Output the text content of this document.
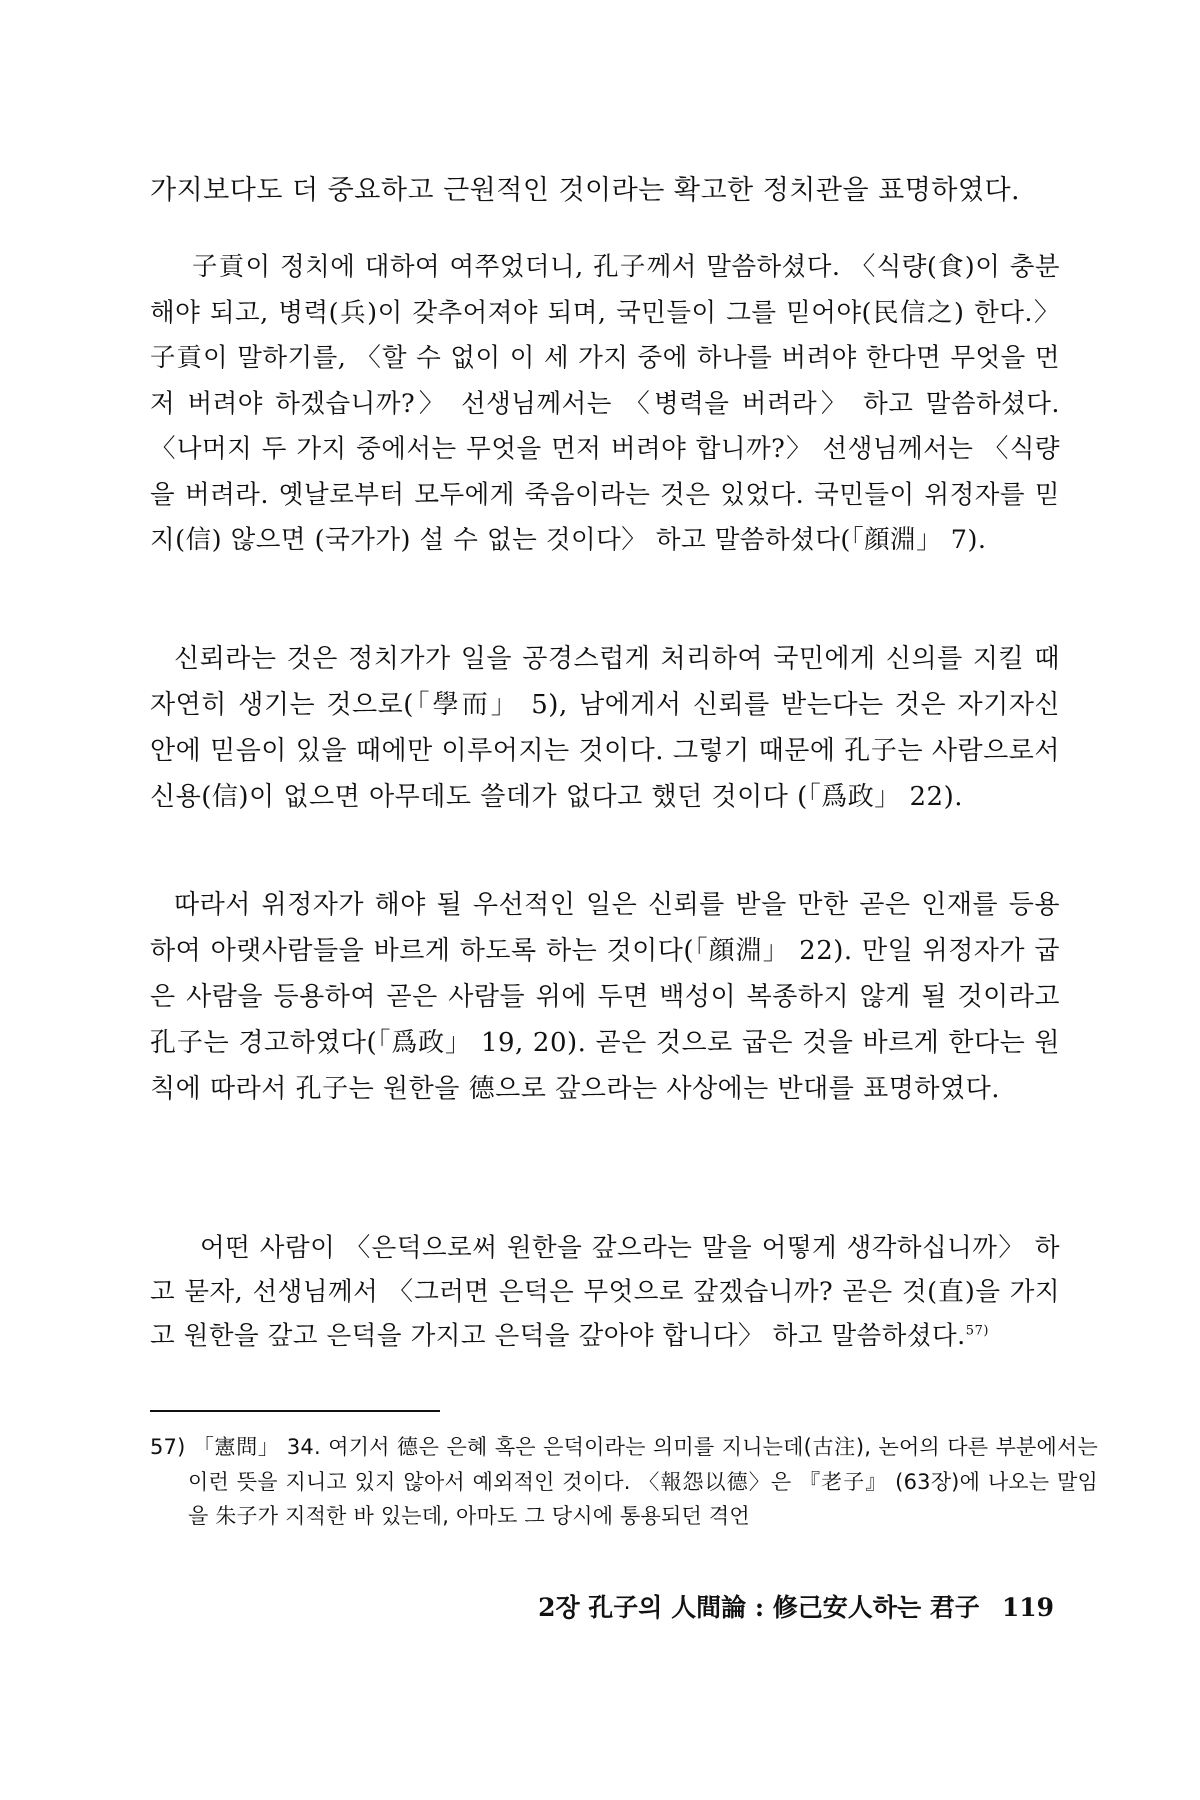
가지보다도 더 중요하고 근원적인 것이라는 확고한 정치관을 표명하였다.

子貢이 정치에 대하여 여쭈었더니, 孔子께서 말씀하셨다. 〈식량(食)이 충분해야 되고, 병력(兵)이 갖추어져야 되며, 국민들이 그를 믿어야(民信之) 한다.〉 子貢이 말하기를, 〈할 수 없이 이 세 가지 중에 하나를 버려야 한다면 무엇을 먼저 버려야 하겠습니까?〉 선생님께서는 〈병력을 버려라〉 하고 말씀하셨다. 〈나머지 두 가지 중에서는 무엇을 먼저 버려야 합니까?〉 선생님께서는 〈식량을 버려라. 옛날로부터 모두에게 죽음이라는 것은 있었다. 국민들이 위정자를 믿지(信) 않으면 (국가가) 설 수 없는 것이다〉 하고 말씀하셨다(「顔淵」 7).

신뢰라는 것은 정치가가 일을 공경스럽게 처리하여 국민에게 신의를 지킬 때 자연히 생기는 것으로(「學而」 5), 남에게서 신뢰를 받는다는 것은 자기자신 안에 믿음이 있을 때에만 이루어지는 것이다. 그렇기 때문에 孔子는 사람으로서 신용(信)이 없으면 아무데도 쓸데가 없다고 했던 것이다 (「爲政」 22).

따라서 위정자가 해야 될 우선적인 일은 신뢰를 받을 만한 곧은 인재를 등용하여 아랫사람들을 바르게 하도록 하는 것이다(「顔淵」 22). 만일 위정자가 굽은 사람을 등용하여 곧은 사람들 위에 두면 백성이 복종하지 않게 될 것이라고 孔子는 경고하였다(「爲政」 19, 20). 곧은 것으로 굽은 것을 바르게 한다는 원칙에 따라서 孔子는 원한을 德으로 갚으라는 사상에는 반대를 표명하였다.

어떤 사람이 〈은덕으로써 원한을 갚으라는 말을 어떻게 생각하십니까〉 하고 묻자, 선생님께서 〈그러면 은덕은 무엇으로 갚겠습니까? 곧은 것(直)을 가지고 원한을 갚고 은덕을 가지고 은덕을 갚아야 합니다〉 하고 말씀하셨다.$^{57)}$

57) 「憲問」 34. 여기서 德은 은혜 혹은 은덕이라는 의미를 지니는데(古注), 논어의 다른 부분에서는 이런 뜻을 지니고 있지 않아서 예외적인 것이다. 〈報怨以德〉은 『老子』 (63장)에 나오는 말임을 朱子가 지적한 바 있는데, 아마도 그 당시에 통용되던 격언

2장 孔子의 人間論 : 修己安人하는 君子 119
